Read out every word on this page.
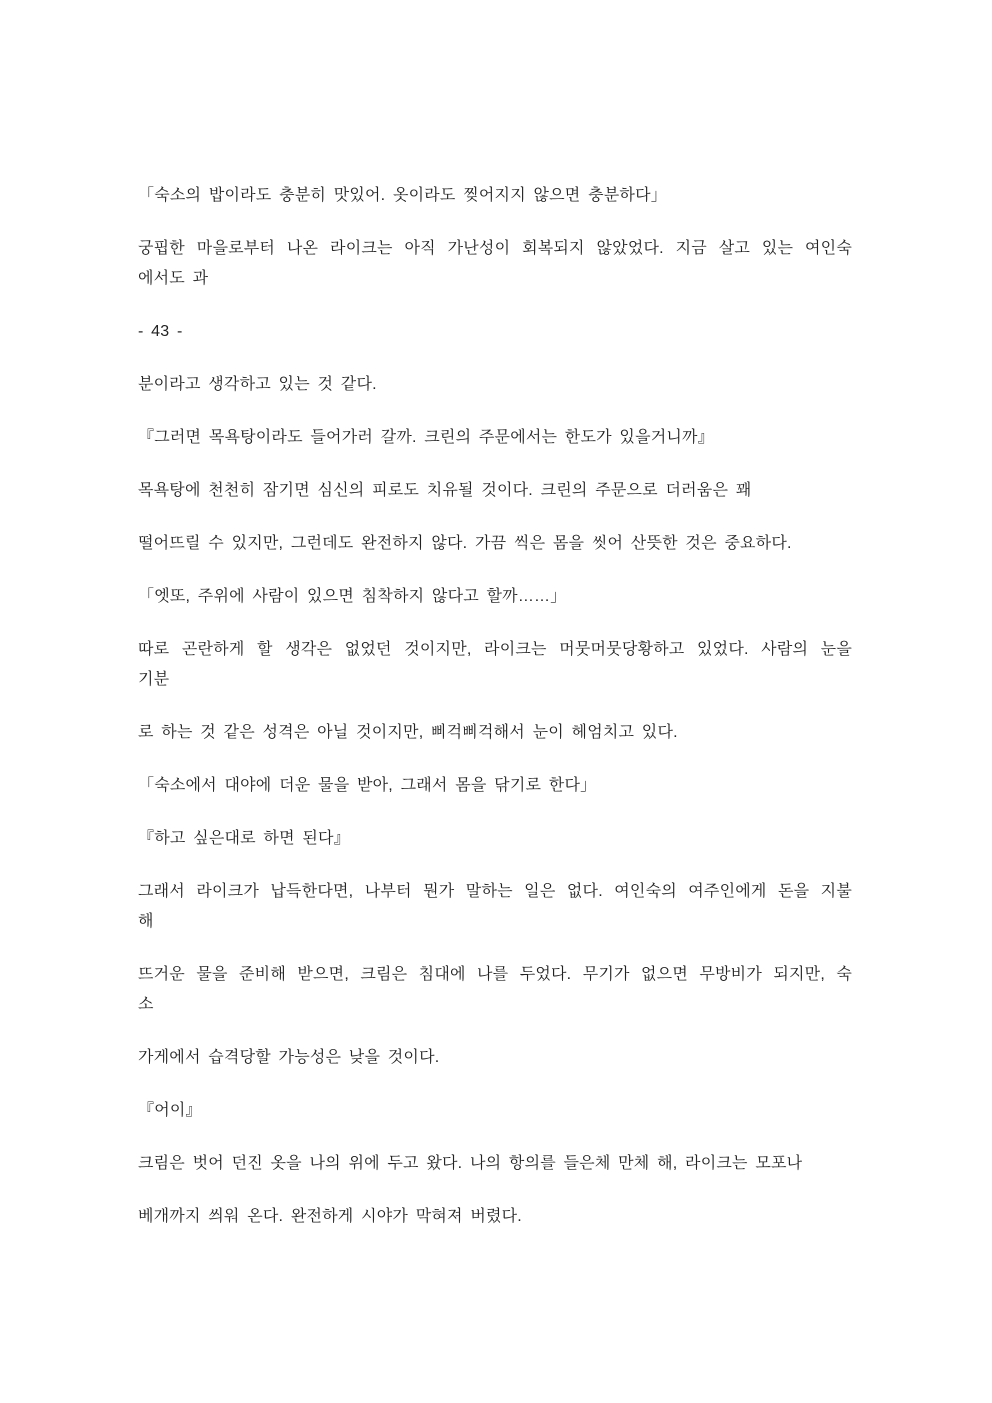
「숙소의 밥이라도 충분히 맛있어. 옷이라도 찢어지지 않으면 충분하다」
궁핍한 마을로부터 나온 라이크는 아직 가난성이 회복되지 않았었다. 지금 살고 있는 여인숙
에서도 과
- 43 -
분이라고 생각하고 있는 것 같다.
『그러면 목욕탕이라도 들어가러 갈까. 크린의 주문에서는 한도가 있을거니까』
목욕탕에 천천히 잠기면 심신의 피로도 치유될 것이다. 크린의 주문으로 더러움은 꽤
떨어뜨릴 수 있지만, 그런데도 완전하지 않다. 가끔 씩은 몸을 씻어 산뜻한 것은 중요하다.
「엣또, 주위에 사람이 있으면 침착하지 않다고 할까……」
따로 곤란하게 할 생각은 없었던 것이지만, 라이크는 머뭇머뭇당황하고 있었다. 사람의 눈을
기분
로 하는 것 같은 성격은 아닐 것이지만, 삐걱삐걱해서 눈이 헤엄치고 있다.
「숙소에서 대야에 더운 물을 받아, 그래서 몸을 닦기로 한다」
『하고 싶은대로 하면 된다』
그래서 라이크가 납득한다면, 나부터 뭔가 말하는 일은 없다. 여인숙의 여주인에게 돈을 지불
해
뜨거운 물을 준비해 받으면, 크림은 침대에 나를 두었다. 무기가 없으면 무방비가 되지만, 숙
소
가게에서 습격당할 가능성은 낮을 것이다.
『어이』
크림은 벗어 던진 옷을 나의 위에 두고 왔다. 나의 항의를 들은체 만체 해, 라이크는 모포나
베개까지 씌워 온다. 완전하게 시야가 막혀져 버렸다.
